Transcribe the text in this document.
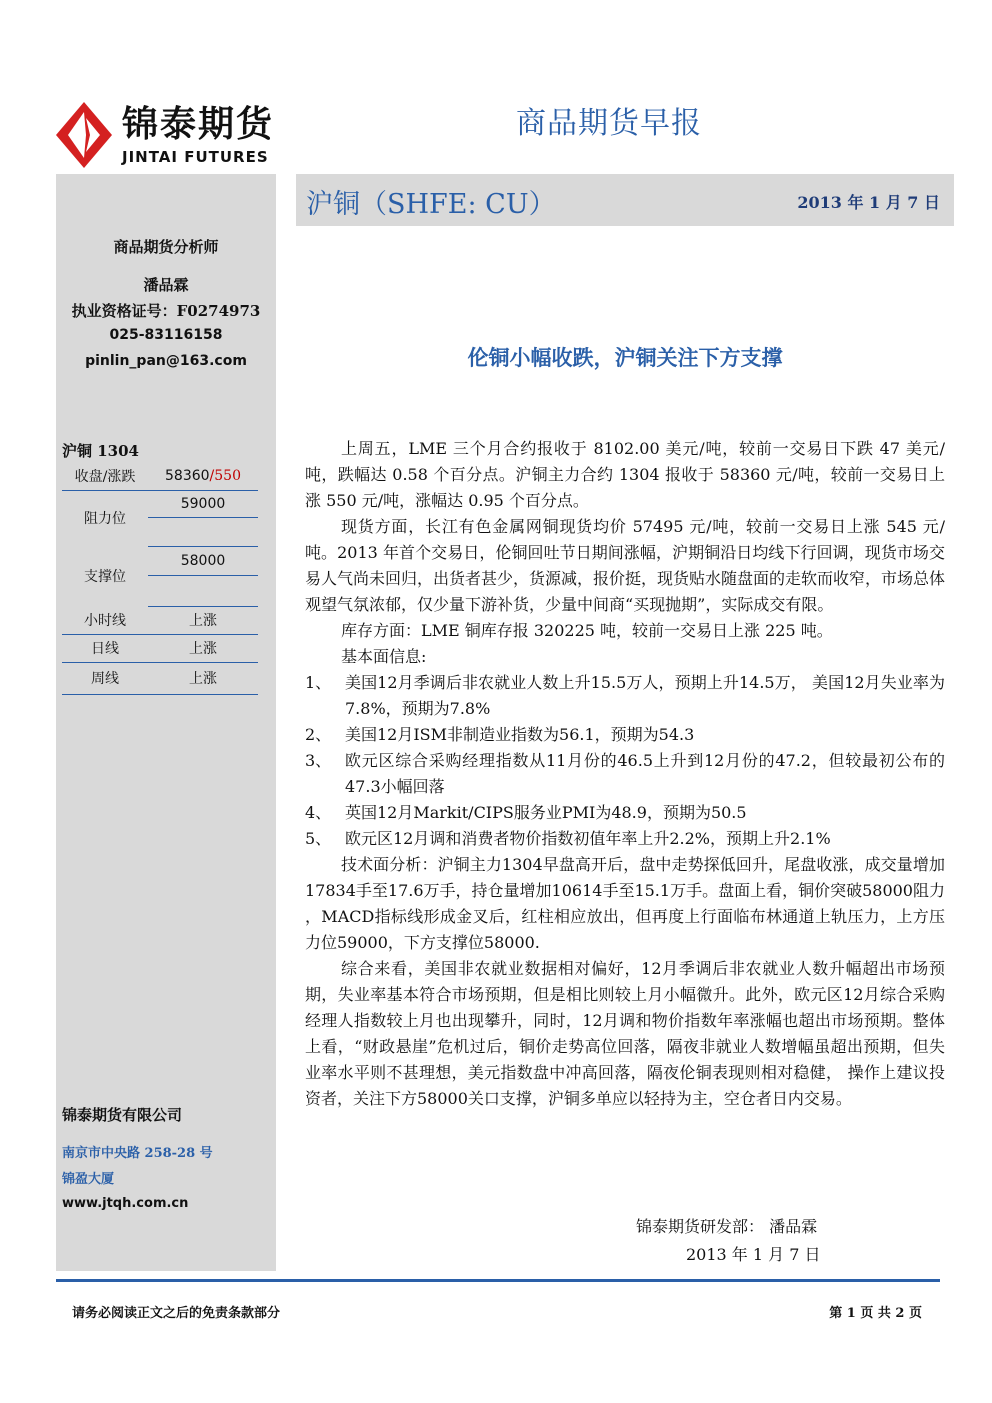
锦泰期货
JINTAI FUTURES
商品期货早报
商品期货分析师
潘品霖
执业资格证号：F0274973
025-83116158
pinlin_pan@163.com
沪铜 1304
收盘/涨跌	58360/550
阻力位	59000

支撑位	58000

小时线	上涨
日线	上涨
周线	上涨
锦泰期货有限公司
南京市中央路 258-28 号
锦盈大厦
www.jtqh.com.cn
沪铜（SHFE: CU）	2013 年 1 月 7 日
伦铜小幅收跌，沪铜关注下方支撑

上周五，LME 三个月合约报收于 8102.00 美元/吨，较前一交易日下跌 47 美元/吨，跌幅达 0.58 个百分点。沪铜主力合约 1304 报收于 58360 元/吨，较前一交易日上涨 550 元/吨，涨幅达 0.95 个百分点。

现货方面，长江有色金属网铜现货均价 57495 元/吨，较前一交易日上涨 545 元/吨。2013 年首个交易日，伦铜回吐节日期间涨幅，沪期铜沿日均线下行回调，现货市场交易人气尚未回归，出货者甚少，货源减，报价挺，现货贴水随盘面的走软而收窄，市场总体观望气氛浓郁，仅少量下游补货，少量中间商“买现抛期”，实际成交有限。

库存方面：LME 铜库存报 320225 吨，较前一交易日上涨 225 吨。

基本面信息:

1、 美国12月季调后非农就业人数上升15.5万人，预期上升14.5万， 美国12月失业率为7.8%，预期为7.8%
2、 美国12月ISM非制造业指数为56.1，预期为54.3
3、 欧元区综合采购经理指数从11月份的46.5上升到12月份的47.2，但较最初公布的47.3小幅回落
4、 英国12月Markit/CIPS服务业PMI为48.9，预期为50.5
5、 欧元区12月调和消费者物价指数初值年率上升2.2%，预期上升2.1%

技术面分析：沪铜主力1304早盘高开后，盘中走势探低回升，尾盘收涨，成交量增加17834手至17.6万手，持仓量增加10614手至15.1万手。盘面上看，铜价突破58000阻力 ，MACD指标线形成金叉后，红柱相应放出，但再度上行面临布林通道上轨压力，上方压力位59000，下方支撑位58000.

综合来看，美国非农就业数据相对偏好，12月季调后非农就业人数升幅超出市场预期，失业率基本符合市场预期，但是相比则较上月小幅微升。此外，欧元区12月综合采购经理人指数较上月也出现攀升，同时，12月调和物价指数年率涨幅也超出市场预期。整体上看，“财政悬崖”危机过后，铜价走势高位回落，隔夜非就业人数增幅虽超出预期，但失业率水平则不甚理想，美元指数盘中冲高回落，隔夜伦铜表现则相对稳健， 操作上建议投资者，关注下方58000关口支撑，沪铜多单应以轻持为主，空仓者日内交易。

锦泰期货研发部： 潘品霖
2013 年 1 月 7 日
请务必阅读正文之后的免责条款部分	第 1 页 共 2 页
